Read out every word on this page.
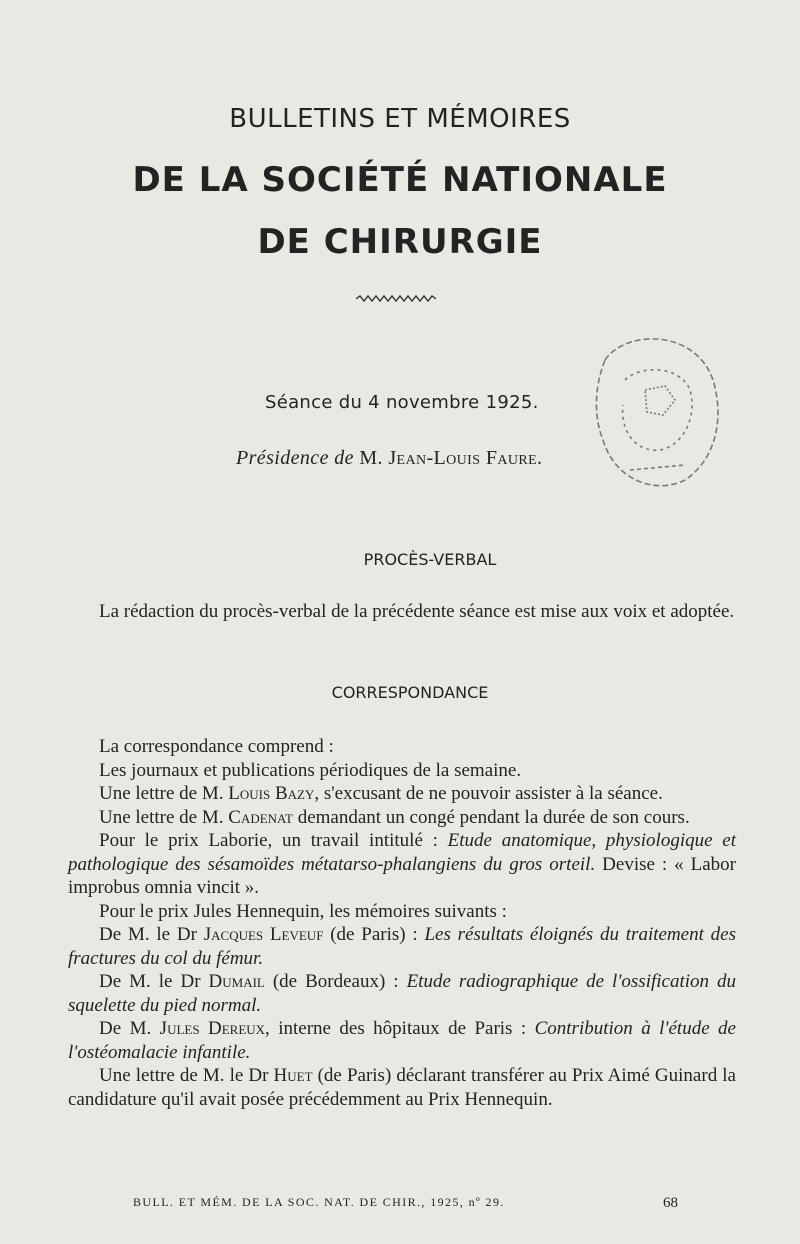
BULLETINS ET MÉMOIRES
DE LA SOCIÉTÉ NATIONALE
DE CHIRURGIE
Séance du 4 novembre 1925.
Présidence de M. Jean-Louis Faure.
PROCÈS-VERBAL

La rédaction du procès-verbal de la précédente séance est mise aux voix et adoptée.

CORRESPONDANCE

La correspondance comprend :

Les journaux et publications périodiques de la semaine.

Une lettre de M. Louis Bazy, s'excusant de ne pouvoir assister à la séance.

Une lettre de M. Cadenat demandant un congé pendant la durée de son cours.

Pour le prix Laborie, un travail intitulé : Etude anatomique, physiologique et pathologique des sésamoïdes métatarso-phalangiens du gros orteil. Devise : « Labor improbus omnia vincit ».

Pour le prix Jules Hennequin, les mémoires suivants :

De M. le Dr Jacques Leveuf (de Paris) : Les résultats éloignés du traitement des fractures du col du fémur.

De M. le Dr Dumail (de Bordeaux) : Etude radiographique de l'ossification du squelette du pied normal.

De M. Jules Dereux, interne des hôpitaux de Paris : Contribution à l'étude de l'ostéomalacie infantile.

Une lettre de M. le Dr Huet (de Paris) déclarant transférer au Prix Aimé Guinard la candidature qu'il avait posée précédemment au Prix Hennequin.

BULL. ET MÉM. DE LA SOC. NAT. DE CHIR., 1925, nº 29.	68
